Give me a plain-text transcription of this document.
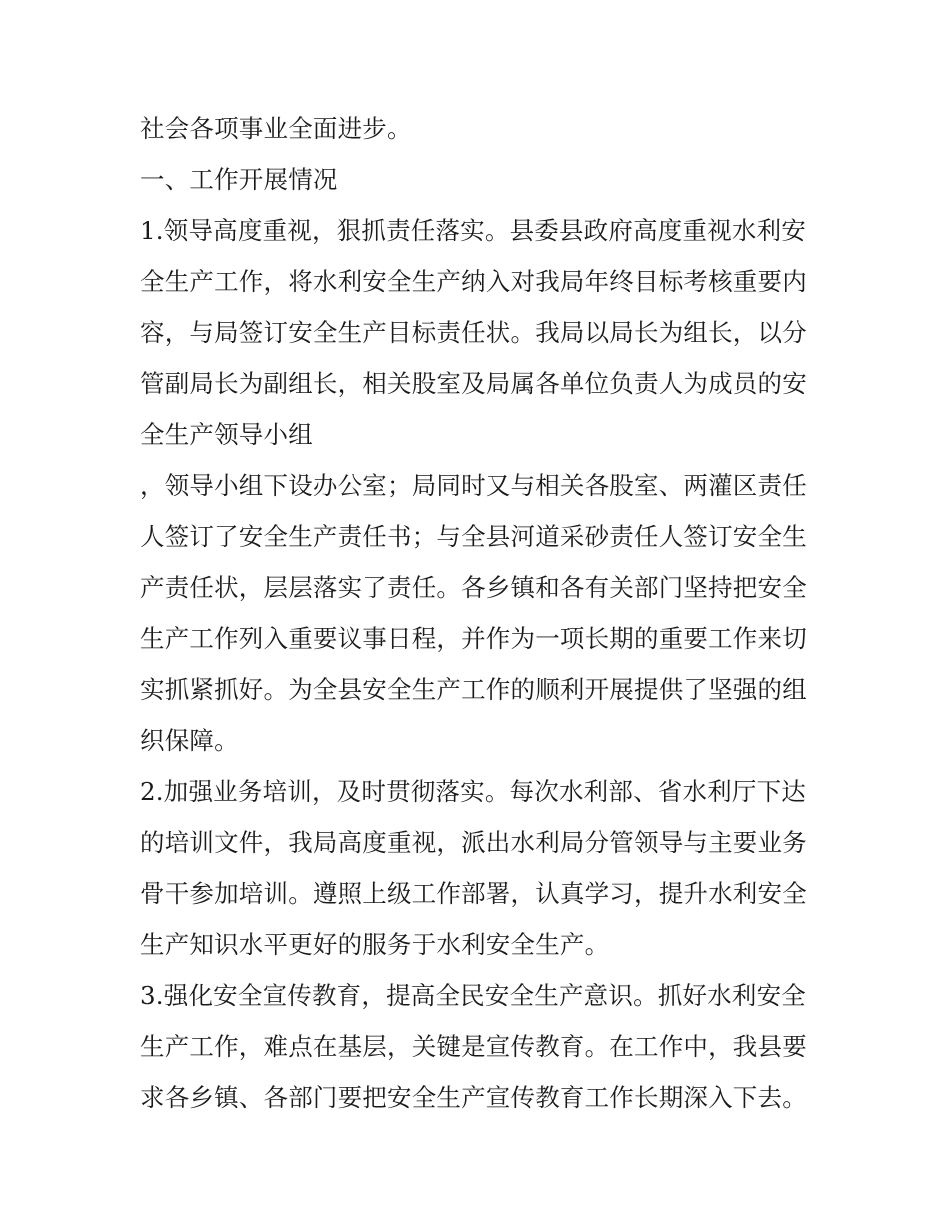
社会各项事业全面进步。
一、工作开展情况
1.领导高度重视，狠抓责任落实。县委县政府高度重视水利安
全生产工作，将水利安全生产纳入对我局年终目标考核重要内
容，与局签订安全生产目标责任状。我局以局长为组长，以分
管副局长为副组长，相关股室及局属各单位负责人为成员的安
全生产领导小组
，领导小组下设办公室；局同时又与相关各股室、两灌区责任
人签订了安全生产责任书；与全县河道采砂责任人签订安全生
产责任状，层层落实了责任。各乡镇和各有关部门坚持把安全
生产工作列入重要议事日程，并作为一项长期的重要工作来切
实抓紧抓好。为全县安全生产工作的顺利开展提供了坚强的组
织保障。
2.加强业务培训，及时贯彻落实。每次水利部、省水利厅下达
的培训文件，我局高度重视，派出水利局分管领导与主要业务
骨干参加培训。遵照上级工作部署，认真学习，提升水利安全
生产知识水平更好的服务于水利安全生产。
3.强化安全宣传教育，提高全民安全生产意识。抓好水利安全
生产工作，难点在基层，关键是宣传教育。在工作中，我县要
求各乡镇、各部门要把安全生产宣传教育工作长期深入下去。
